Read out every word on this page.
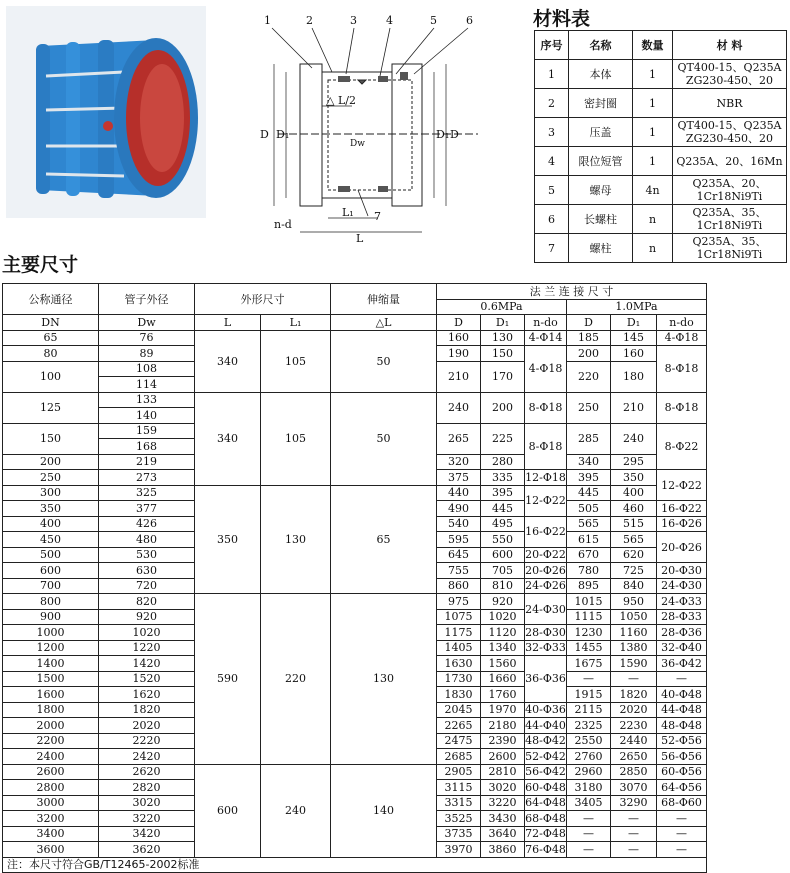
1	2	3	4	5	6
7
D D₁
Dw
D₁ D
△ L/2
n-d
L₁
L
材料表
序号	名称	数量	材 料
1	本体	1	QT400-15、Q235A ZG230-450、20
2	密封圈	1	NBR
3	压盖	1	QT400-15、Q235A ZG230-450、20
4	限位短管	1	Q235A、20、16Mn
5	螺母	4n	Q235A、20、1Cr18Ni9Ti
6	长螺柱	n	Q235A、35、1Cr18Ni9Ti
7	螺柱	n	Q235A、35、1Cr18Ni9Ti
主要尺寸
公称通径	管子外径	外形尺寸		伸缩量	法 兰 连 接 尺 寸					
					0.6MPa			1.0MPa		
DN	Dw	L	L₁	△L	D	D₁	n-do	D	D₁	n-do
65	76	340	105	50	160	130	4-Φ14	185	145	4-Φ18
80	89				190	150	4-Φ18	200	160	8-Φ18
100	108				210	170		220	180	
	114									
125	133	340	105	50	240	200	8-Φ18	250	210	8-Φ18
	140									
150	159				265	225	8-Φ18	285	240	8-Φ22
	168									
200	219				320	280		340	295	
250	273				375	335	12-Φ18	395	350	12-Φ22
300	325	350	130	65	440	395	12-Φ22	445	400	
350	377				490	445		505	460	16-Φ22
400	426				540	495	16-Φ22	565	515	16-Φ26
450	480				595	550		615	565	20-Φ26
500	530				645	600	20-Φ22	670	620	
600	630				755	705	20-Φ26	780	725	20-Φ30
700	720				860	810	24-Φ26	895	840	24-Φ30
800	820	590	220	130	975	920	24-Φ30	1015	950	24-Φ33
900	920				1075	1020		1115	1050	28-Φ33
1000	1020				1175	1120	28-Φ30	1230	1160	28-Φ36
1200	1220				1405	1340	32-Φ33	1455	1380	32-Φ40
1400	1420				1630	1560	36-Φ36	1675	1590	36-Φ42
1500	1520				1730	1660		—	—	—
1600	1620				1830	1760		1915	1820	40-Φ48
1800	1820				2045	1970	40-Φ36	2115	2020	44-Φ48
2000	2020				2265	2180	44-Φ40	2325	2230	48-Φ48
2200	2220				2475	2390	48-Φ42	2550	2440	52-Φ56
2400	2420				2685	2600	52-Φ42	2760	2650	56-Φ56
2600	2620	600	240	140	2905	2810	56-Φ42	2960	2850	60-Φ56
2800	2820				3115	3020	60-Φ48	3180	3070	64-Φ56
3000	3020				3315	3220	64-Φ48	3405	3290	68-Φ60
3200	3220				3525	3430	68-Φ48	—	—	—
3400	3420				3735	3640	72-Φ48	—	—	—
3600	3620				3970	3860	76-Φ48	—	—	—
注：本尺寸符合GB/T12465-2002标准										
